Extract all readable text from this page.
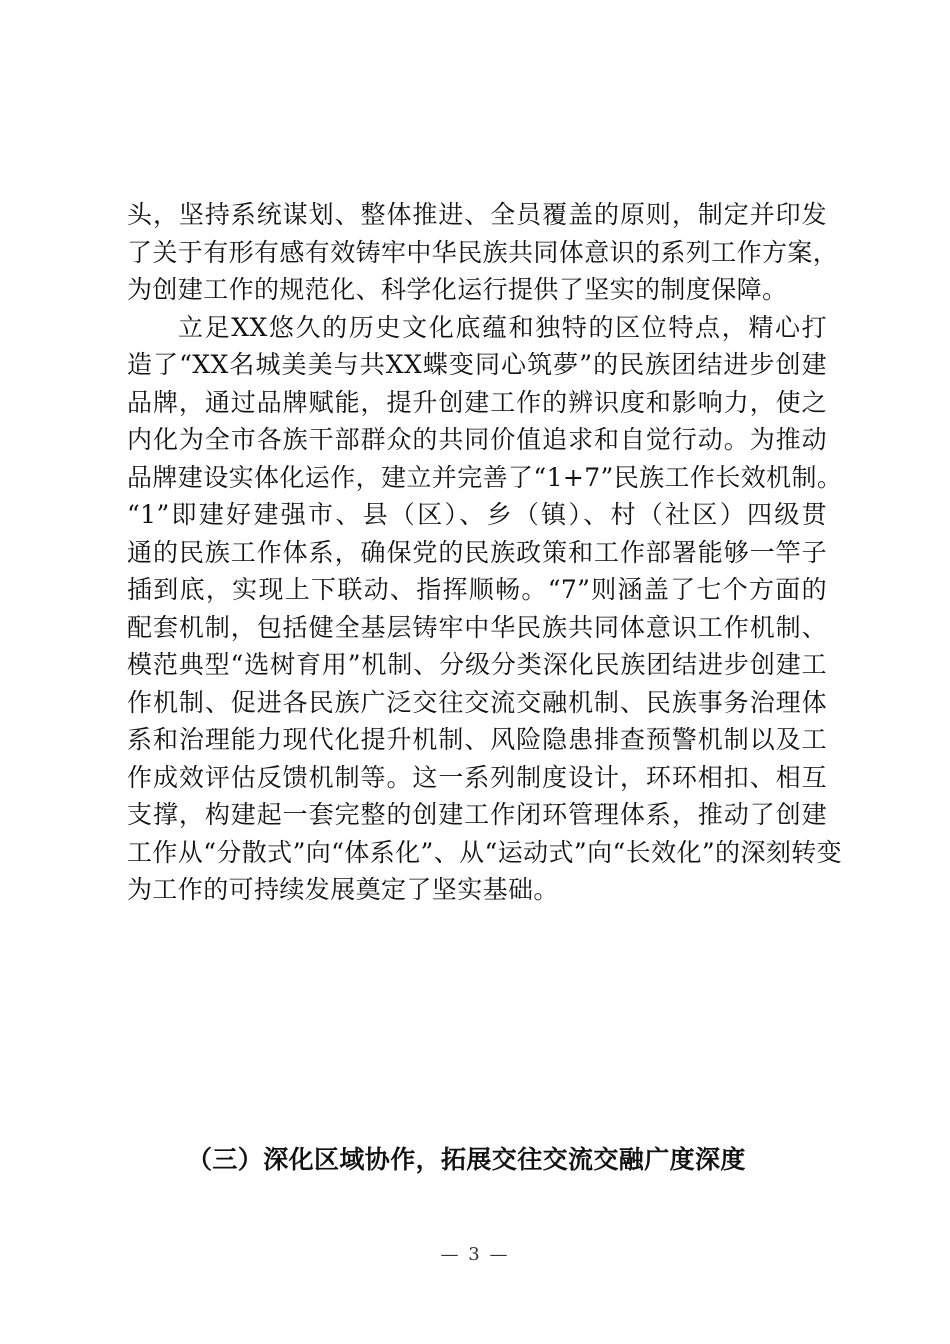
头，坚持系统谋划、整体推进、全员覆盖的原则，制定并印发
了关于有形有感有效铸牢中华民族共同体意识的系列工作方案，
为创建工作的规范化、科学化运行提供了坚实的制度保障。
立足XX悠久的历史文化底蕴和独特的区位特点，精心打
造了“XX名城美美与共XX蝶变同心筑夢”的民族团结进步创建
品牌，通过品牌赋能，提升创建工作的辨识度和影响力，使之
内化为全市各族干部群众的共同价值追求和自觉行动。为推动
品牌建设实体化运作，建立并完善了“1+7”民族工作长效机制。
“1”即建好建强市、县（区）、乡（镇）、村（社区）四级贯
通的民族工作体系，确保党的民族政策和工作部署能够一竿子
插到底，实现上下联动、指挥顺畅。“7”则涵盖了七个方面的
配套机制，包括健全基层铸牢中华民族共同体意识工作机制、
模范典型“选树育用”机制、分级分类深化民族团结进步创建工
作机制、促进各民族广泛交往交流交融机制、民族事务治理体
系和治理能力现代化提升机制、风险隐患排查预警机制以及工
作成效评估反馈机制等。这一系列制度设计，环环相扣、相互
支撑，构建起一套完整的创建工作闭环管理体系，推动了创建
工作从“分散式”向“体系化”、从“运动式”向“长效化”的深刻转变
为工作的可持续发展奠定了坚实基础。
（三）深化区域协作，拓展交往交流交融广度深度
— 3 —
